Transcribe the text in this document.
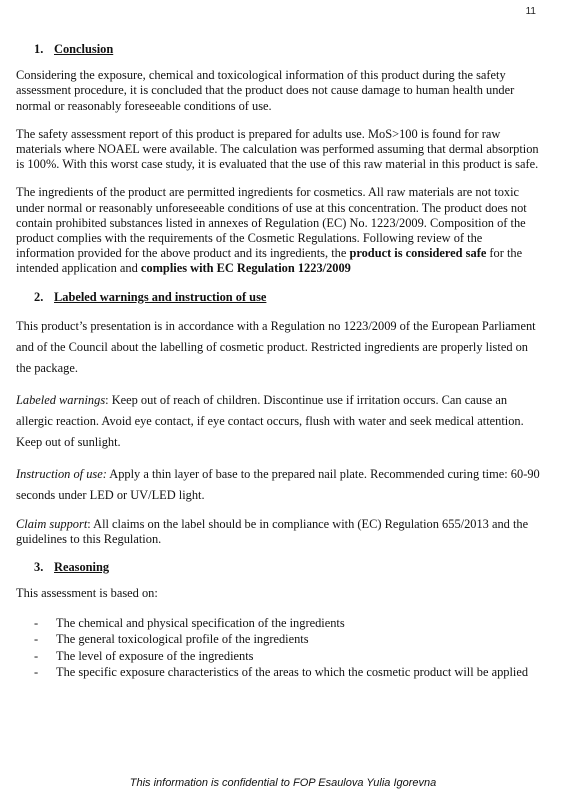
11
1. Conclusion

Considering the exposure, chemical and toxicological information of this product during the safety assessment procedure, it is concluded that the product does not cause damage to human health under normal or reasonably foreseeable conditions of use.

The safety assessment report of this product is prepared for adults use. MoS>100 is found for raw materials where NOAEL were available. The calculation was performed assuming that dermal absorption is 100%. With this worst case study, it is evaluated that the use of this raw material in this product is safe.

The ingredients of the product are permitted ingredients for cosmetics. All raw materials are not toxic under normal or reasonably unforeseeable conditions of use at this concentration. The product does not contain prohibited substances listed in annexes of Regulation (EC) No. 1223/2009. Composition of the product complies with the requirements of the Cosmetic Regulations. Following review of the information provided for the above product and its ingredients, the product is considered safe for the intended application and complies with EC Regulation 1223/2009

2. Labeled warnings and instruction of use

This product’s presentation is in accordance with a Regulation no 1223/2009 of the European Parliament and of the Council about the labelling of cosmetic product. Restricted ingredients are properly listed on the package.

Labeled warnings: Keep out of reach of children. Discontinue use if irritation occurs. Can cause an allergic reaction. Avoid eye contact, if eye contact occurs, flush with water and seek medical attention. Keep out of sunlight.

Instruction of use: Apply a thin layer of base to the prepared nail plate. Recommended curing time: 60-90 seconds under LED or UV/LED light.

Claim support: All claims on the label should be in compliance with (EC) Regulation 655/2013 and the guidelines to this Regulation.

3. Reasoning

This assessment is based on:

- The chemical and physical specification of the ingredients
- The general toxicological profile of the ingredients
- The level of exposure of the ingredients
- The specific exposure characteristics of the areas to which the cosmetic product will be applied
This information is confidential to FOP Esaulova Yulia Igorevna
